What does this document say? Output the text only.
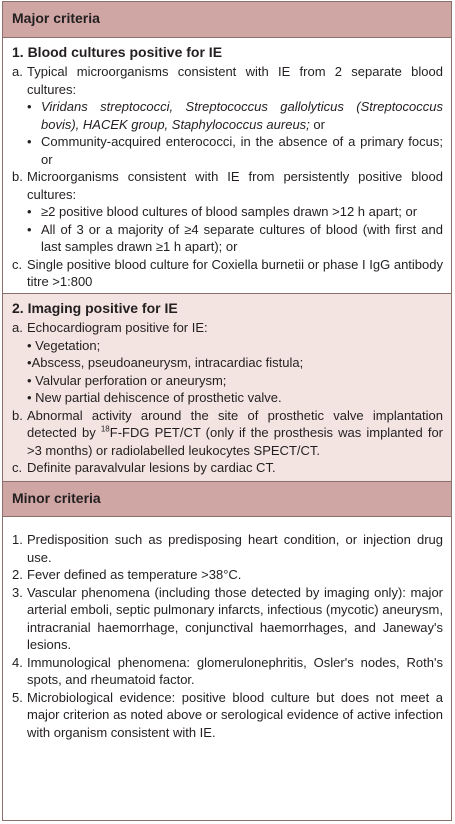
Major criteria
1. Blood cultures positive for IE
a. Typical microorganisms consistent with IE from 2 separate blood cultures:
• Viridans streptococci, Streptococcus gallolyticus (Streptococcus bovis), HACEK group, Staphylococcus aureus; or
• Community-acquired enterococci, in the absence of a primary focus; or
b. Microorganisms consistent with IE from persistently positive blood cultures:
• ≥2 positive blood cultures of blood samples drawn >12 h apart; or
• All of 3 or a majority of ≥4 separate cultures of blood (with first and last samples drawn ≥1 h apart); or
c. Single positive blood culture for Coxiella burnetii or phase I IgG antibody titre >1:800
2. Imaging positive for IE
a. Echocardiogram positive for IE:
• Vegetation;
•Abscess, pseudoaneurysm, intracardiac fistula;
• Valvular perforation or aneurysm;
• New partial dehiscence of prosthetic valve.
b. Abnormal activity around the site of prosthetic valve implantation detected by $^{18}$F-FDG PET/CT (only if the prosthesis was implanted for >3 months) or radiolabelled leukocytes SPECT/CT.
c. Definite paravalvular lesions by cardiac CT.
Minor criteria
1. Predisposition such as predisposing heart condition, or injection drug use.
2. Fever defined as temperature >38°C.
3. Vascular phenomena (including those detected by imaging only): major arterial emboli, septic pulmonary infarcts, infectious (mycotic) aneurysm, intracranial haemorrhage, conjunctival haemorrhages, and Janeway's lesions.
4. Immunological phenomena: glomerulonephritis, Osler's nodes, Roth's spots, and rheumatoid factor.
5. Microbiological evidence: positive blood culture but does not meet a major criterion as noted above or serological evidence of active infection with organism consistent with IE.
